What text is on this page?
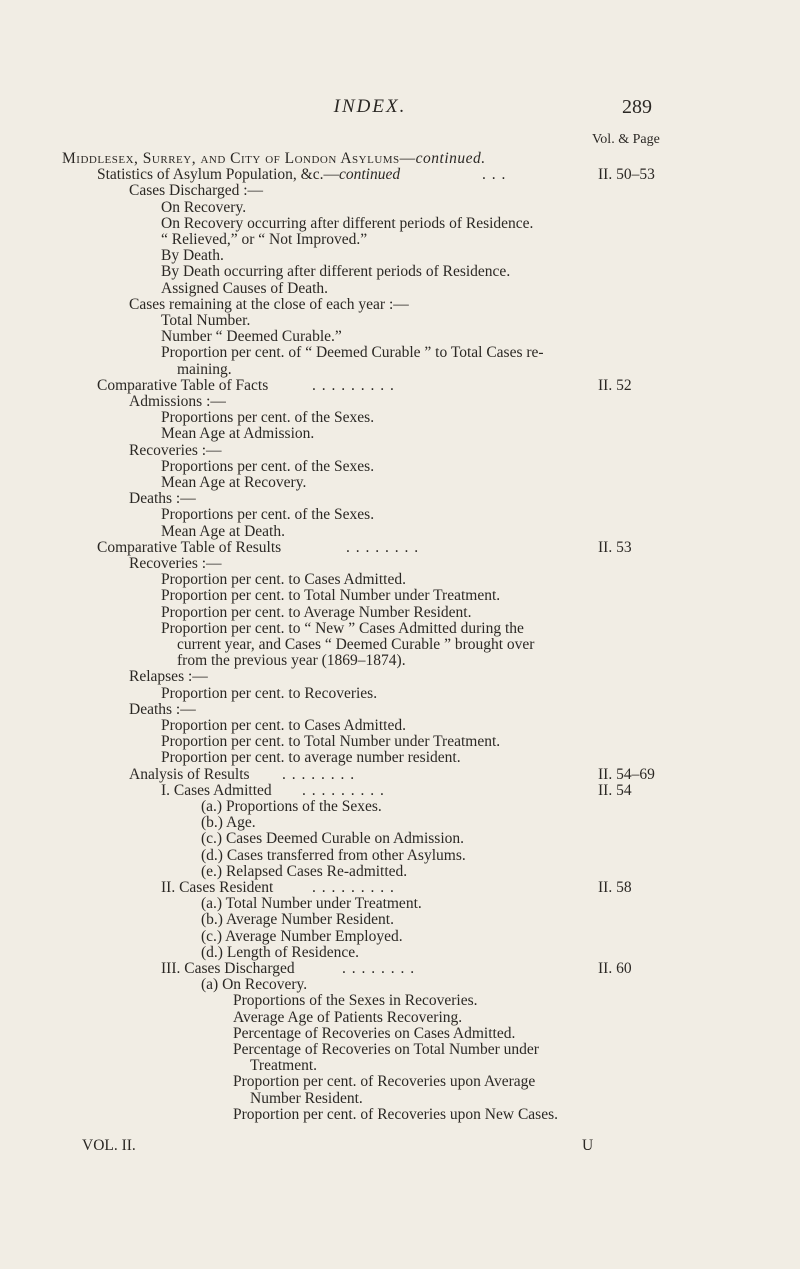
INDEX.	289
Vol. & Page
Middlesex, Surrey, and City of London Asylums—continued.
Statistics of Asylum Population, &c.—continued	. . .	II. 50–53
Cases Discharged :—
On Recovery.
On Recovery occurring after different periods of Residence.
“ Relieved,” or “ Not Improved.”
By Death.
By Death occurring after different periods of Residence.
Assigned Causes of Death.
Cases remaining at the close of each year :—
Total Number.
Number “ Deemed Curable.”
Proportion per cent. of “ Deemed Curable ” to Total Cases re-
maining.
Comparative Table of Facts	. . . . . . . . .	II. 52
Admissions :—
Proportions per cent. of the Sexes.
Mean Age at Admission.
Recoveries :—
Proportions per cent. of the Sexes.
Mean Age at Recovery.
Deaths :—
Proportions per cent. of the Sexes.
Mean Age at Death.
Comparative Table of Results	. . . . . . . .	II. 53
Recoveries :—
Proportion per cent. to Cases Admitted.
Proportion per cent. to Total Number under Treatment.
Proportion per cent. to Average Number Resident.
Proportion per cent. to “ New ” Cases Admitted during the
current year, and Cases “ Deemed Curable ” brought over
from the previous year (1869–1874).
Relapses :—
Proportion per cent. to Recoveries.
Deaths :—
Proportion per cent. to Cases Admitted.
Proportion per cent. to Total Number under Treatment.
Proportion per cent. to average number resident.
Analysis of Results . . . . . . . .	II. 54–69
I. Cases Admitted . . . . . . . . .	II. 54
(a.) Proportions of the Sexes.
(b.) Age.
(c.) Cases Deemed Curable on Admission.
(d.) Cases transferred from other Asylums.
(e.) Relapsed Cases Re-admitted.
II. Cases Resident . . . . . . . . .	II. 58
(a.) Total Number under Treatment.
(b.) Average Number Resident.
(c.) Average Number Employed.
(d.) Length of Residence.
III. Cases Discharged	. . . . . . . .	II. 60
(a) On Recovery.
Proportions of the Sexes in Recoveries.
Average Age of Patients Recovering.
Percentage of Recoveries on Cases Admitted.
Percentage of Recoveries on Total Number under
Treatment.
Proportion per cent. of Recoveries upon Average
Number Resident.
Proportion per cent. of Recoveries upon New Cases.
VOL. II.	U
